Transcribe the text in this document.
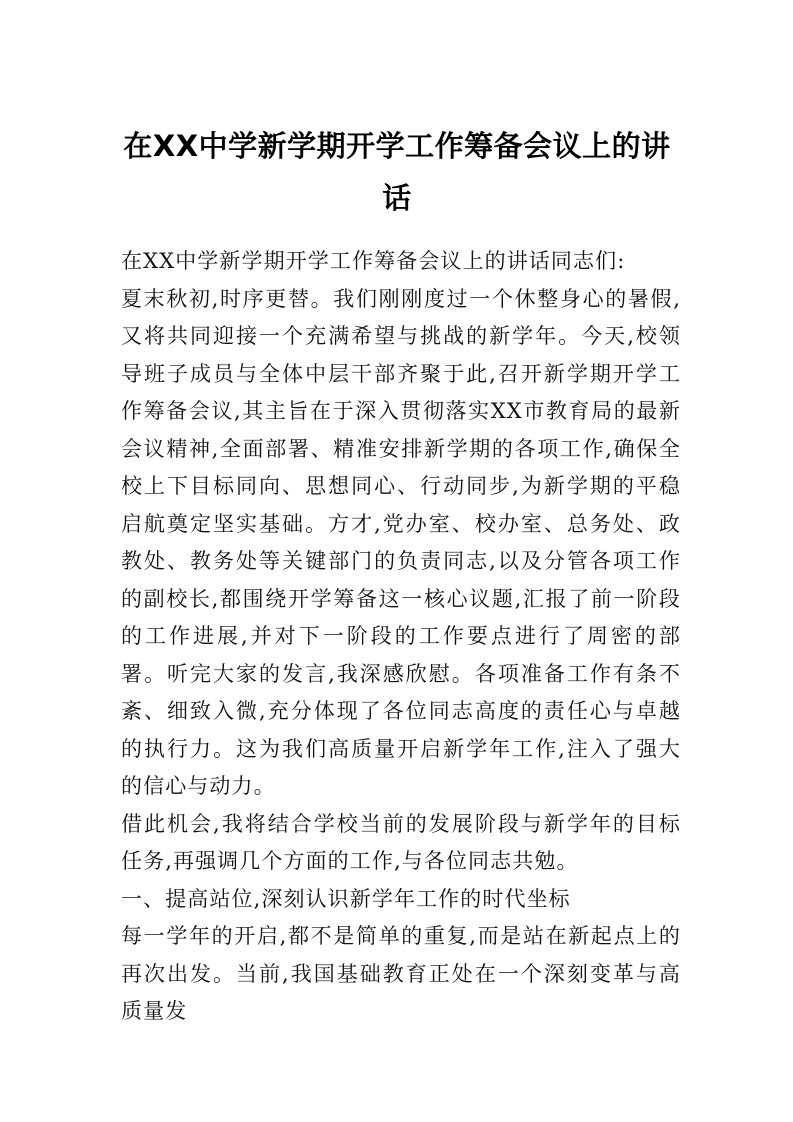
在XX中学新学期开学工作筹备会议上的讲话

在XX中学新学期开学工作筹备会议上的讲话同志们:

夏末秋初,时序更替。我们刚刚度过一个休整身心的暑假,又将共同迎接一个充满希望与挑战的新学年。今天,校领导班子成员与全体中层干部齐聚于此,召开新学期开学工作筹备会议,其主旨在于深入贯彻落实XX市教育局的最新会议精神,全面部署、精准安排新学期的各项工作,确保全校上下目标同向、思想同心、行动同步,为新学期的平稳启航奠定坚实基础。方才,党办室、校办室、总务处、政教处、教务处等关键部门的负责同志,以及分管各项工作的副校长,都围绕开学筹备这一核心议题,汇报了前一阶段的工作进展,并对下一阶段的工作要点进行了周密的部署。听完大家的发言,我深感欣慰。各项准备工作有条不紊、细致入微,充分体现了各位同志高度的责任心与卓越的执行力。这为我们高质量开启新学年工作,注入了强大的信心与动力。

借此机会,我将结合学校当前的发展阶段与新学年的目标任务,再强调几个方面的工作,与各位同志共勉。

一、提高站位,深刻认识新学年工作的时代坐标

每一学年的开启,都不是简单的重复,而是站在新起点上的再次出发。当前,我国基础教育正处在一个深刻变革与高质量发
